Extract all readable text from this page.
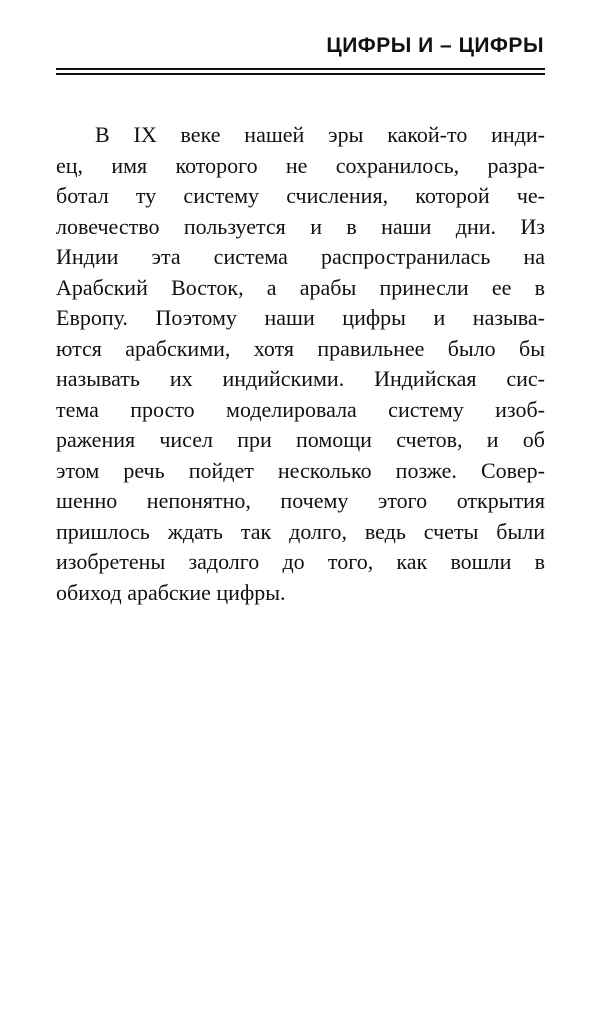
ЦИФРЫ И – ЦИФРЫ
В IX веке нашей эры какой-то инди-
ец, имя которого не сохранилось, разра-
ботал ту систему счисления, которой че-
ловечество пользуется и в наши дни. Из
Индии эта система распространилась на
Арабский Восток, а арабы принесли ее в
Европу. Поэтому наши цифры и называ-
ются арабскими, хотя правильнее было бы
называть их индийскими. Индийская сис-
тема просто моделировала систему изоб-
ражения чисел при помощи счетов, и об
этом речь пойдет несколько позже. Совер-
шенно непонятно, почему этого открытия
пришлось ждать так долго, ведь счеты были
изобретены задолго до того, как вошли в
обиход арабские цифры.
